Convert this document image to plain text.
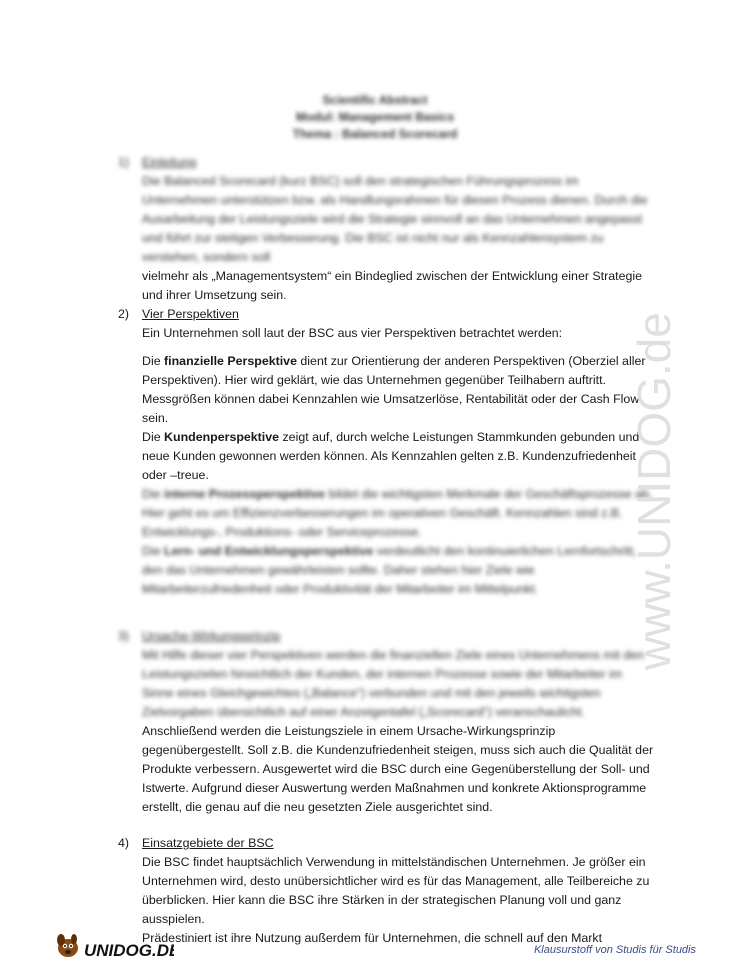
Scientific Abstract
Modul: Management Basics
Thema : Balanced Scorecard
1) Einleitung
Die Balanced Scorecard (kurz BSC) soll den strategischen Führungsprozess im Unternehmen unterstützen bzw. als Handlungsrahmen für diesen Prozess dienen. Durch die Ausarbeitung der Leistungsziele wird die Strategie sinnvoll an das Unternehmen angepasst und führt zur stetigen Verbesserung. Die BSC ist nicht nur als Kennzahlensystem zu verstehen, sondern soll
vielmehr als „Managementsystem“ ein Bindeglied zwischen der Entwicklung einer Strategie und ihrer Umsetzung sein.
2) Vier Perspektiven

Ein Unternehmen soll laut der BSC aus vier Perspektiven betrachtet werden:

Die finanzielle Perspektive dient zur Orientierung der anderen Perspektiven (Oberziel aller Perspektiven). Hier wird geklärt, wie das Unternehmen gegenüber Teilhabern auftritt. Messgrößen können dabei Kennzahlen wie Umsatzerlöse, Rentabilität oder der Cash Flow sein.

Die Kundenperspektive zeigt auf, durch welche Leistungen Stammkunden gebunden und neue Kunden gewonnen werden können. Als Kennzahlen gelten z.B. Kundenzufriedenheit oder –treue.

Die interne Prozessperspektive bildet die wichtigsten Merkmale der Geschäftsprozesse ab. Hier geht es um Effizienzverbesserungen im operativen Geschäft. Kennzahlen sind z.B. Entwicklungs-, Produktions- oder Serviceprozesse.

Die Lern- und Entwicklungsperspektive verdeutlicht den kontinuierlichen Lernfortschritt, den das Unternehmen gewährleisten sollte. Daher stehen hier Ziele wie Mitarbeiterzufriedenheit oder Produktivität der Mitarbeiter im Mittelpunkt.

3) Ursache-Wirkungsprinzip
Mit Hilfe dieser vier Perspektiven werden die finanziellen Ziele eines Unternehmens mit den Leistungszielen hinsichtlich der Kunden, der internen Prozesse sowie der Mitarbeiter im Sinne eines Gleichgewichtes („Balance“) verbunden und mit den jeweils wichtigsten Zielvorgaben übersichtlich auf einer Anzeigentafel („Scorecard“) veranschaulicht.
Anschließend werden die Leistungsziele in einem Ursache-Wirkungsprinzip gegenübergestellt. Soll z.B. die Kundenzufriedenheit steigen, muss sich auch die Qualität der Produkte verbessern. Ausgewertet wird die BSC durch eine Gegenüberstellung der Soll- und Istwerte. Aufgrund dieser Auswertung werden Maßnahmen und konkrete Aktionsprogramme erstellt, die genau auf die neu gesetzten Ziele ausgerichtet sind.
4) Einsatzgebiete der BSC
Die BSC findet hauptsächlich Verwendung in mittelständischen Unternehmen. Je größer ein Unternehmen wird, desto unübersichtlicher wird es für das Management, alle Teilbereiche zu überblicken. Hier kann die BSC ihre Stärken in der strategischen Planung voll und ganz ausspielen.
Prädestiniert ist ihre Nutzung außerdem für Unternehmen, die schnell auf den Markt
www.UNIDOG.de
UNIDOG.DE	Klausurstoff von Studis für Studis
